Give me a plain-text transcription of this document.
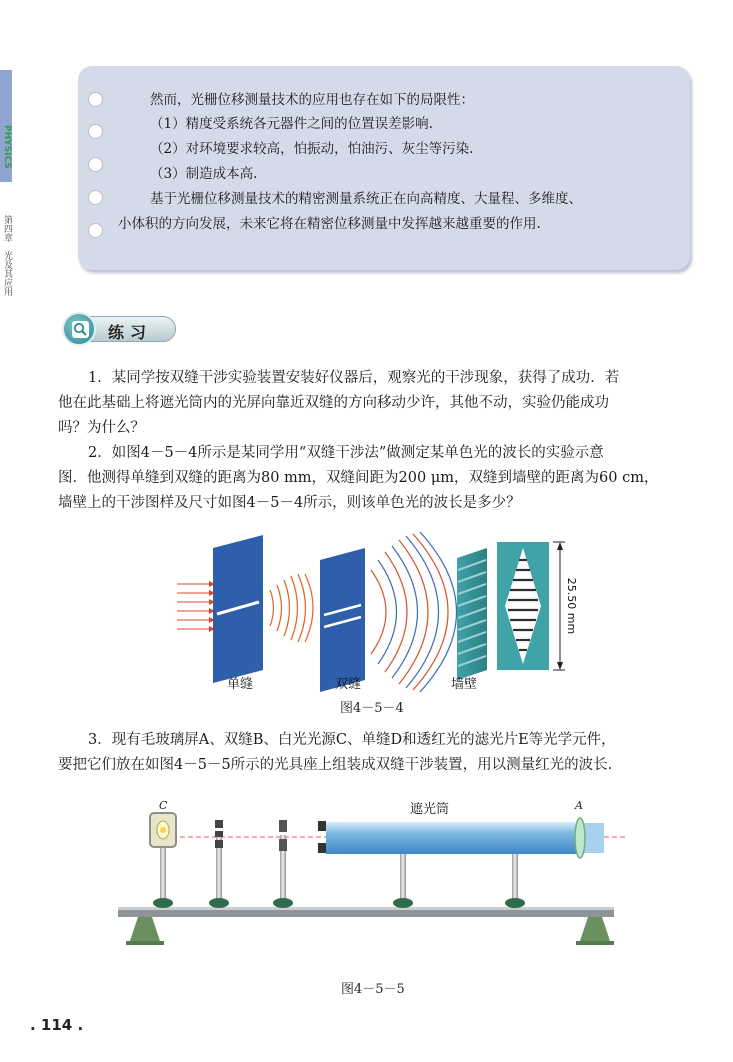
PHYSICS
第四章　光及其应用
然而，光栅位移测量技术的应用也存在如下的局限性：
（1）精度受系统各元器件之间的位置误差影响.
（2）对环境要求较高，怕振动，怕油污、灰尘等污染.
（3）制造成本高.
基于光栅位移测量技术的精密测量系统正在向高精度、大量程、多维度、
小体积的方向发展，未来它将在精密位移测量中发挥越来越重要的作用.
练习

1．某同学按双缝干涉实验装置安装好仪器后，观察光的干涉现象，获得了成功．若

他在此基础上将遮光筒内的光屏向靠近双缝的方向移动少许，其他不动，实验仍能成功

吗？为什么？

2．如图4－5－4所示是某同学用“双缝干涉法”做测定某单色光的波长的实验示意

图．他测得单缝到双缝的距离为80 mm，双缝间距为200 μm，双缝到墙壁的距离为60 cm，

墙壁上的干涉图样及尺寸如图4－5－4所示，则该单色光的波长是多少？

25.50 mm
单缝	双缝	墙壁
图4－5－4

3．现有毛玻璃屏A、双缝B、白光光源C、单缝D和透红光的滤光片E等光学元件，

要把它们放在如图4－5－5所示的光具座上组装成双缝干涉装置，用以测量红光的波长.

C	遮光筒	A
图4－5－5
. 114 .
